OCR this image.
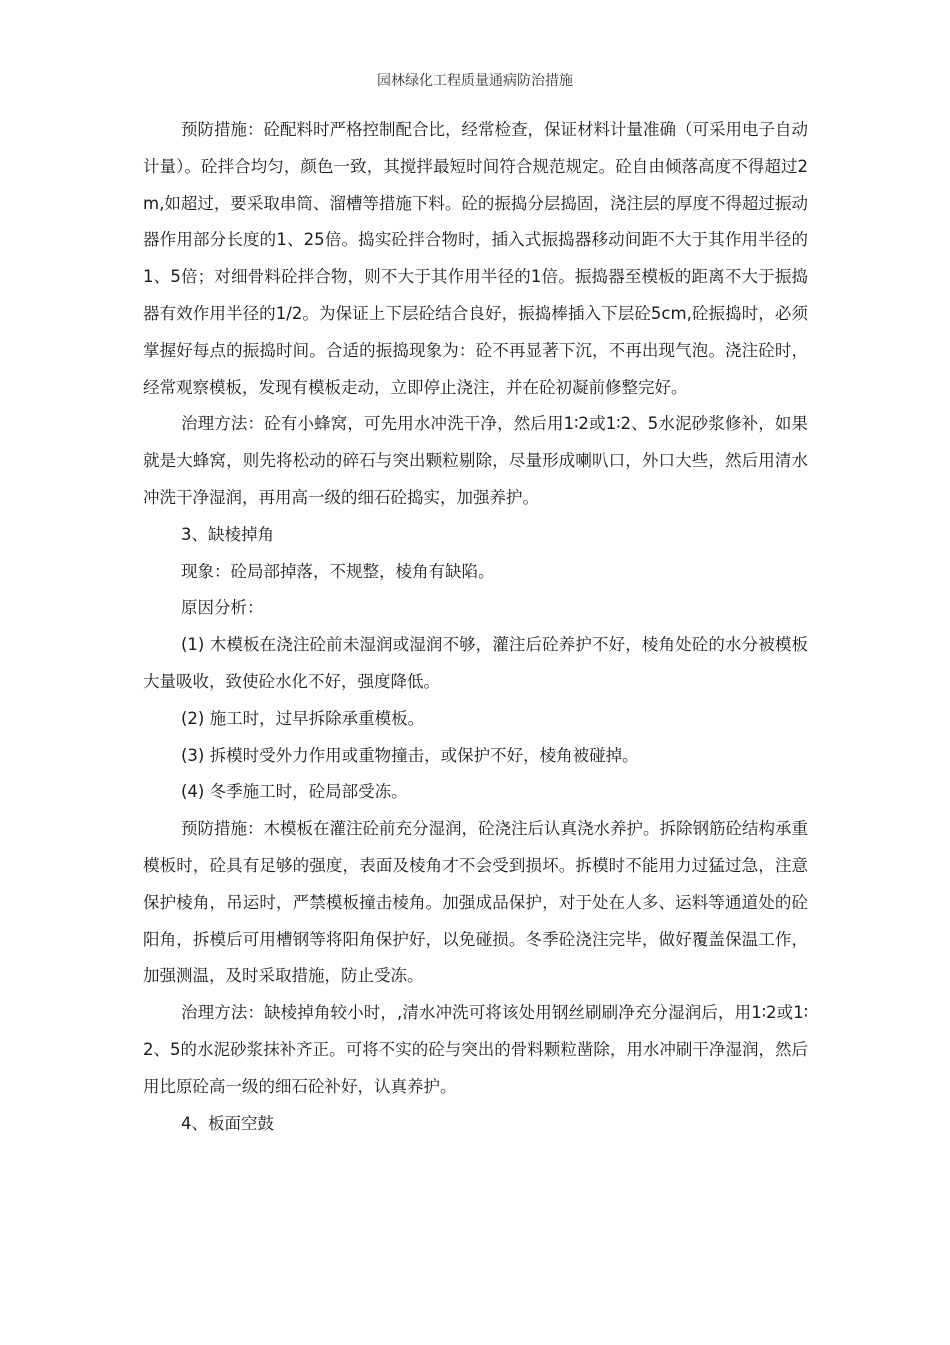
园林绿化工程质量通病防治措施

预防措施：砼配料时严格控制配合比，经常检查，保证材料计量准确（可采用电子自动计量）。砼拌合均匀，颜色一致，其搅拌最短时间符合规范规定。砼自由倾落高度不得超过2m,如超过，要采取串筒、溜槽等措施下料。砼的振捣分层捣固，浇注层的厚度不得超过振动器作用部分长度的1、25倍。捣实砼拌合物时，插入式振捣器移动间距不大于其作用半径的1、5倍；对细骨料砼拌合物，则不大于其作用半径的1倍。振捣器至模板的距离不大于振捣器有效作用半径的1/2。为保证上下层砼结合良好，振捣棒插入下层砼5cm,砼振捣时，必须掌握好每点的振捣时间。合适的振捣现象为：砼不再显著下沉，不再出现气泡。浇注砼时，经常观察模板，发现有模板走动，立即停止浇注，并在砼初凝前修整完好。

治理方法：砼有小蜂窝，可先用水冲洗干净，然后用1∶2或1∶2、5水泥砂浆修补，如果就是大蜂窝，则先将松动的碎石与突出颗粒剔除，尽量形成喇叭口，外口大些，然后用清水冲洗干净湿润，再用高一级的细石砼捣实，加强养护。

3、缺棱掉角

现象：砼局部掉落，不规整，棱角有缺陷。

原因分析：

(1) 木模板在浇注砼前未湿润或湿润不够，灌注后砼养护不好，棱角处砼的水分被模板大量吸收，致使砼水化不好，强度降低。

(2) 施工时，过早拆除承重模板。

(3) 拆模时受外力作用或重物撞击，或保护不好，棱角被碰掉。

(4) 冬季施工时，砼局部受冻。

预防措施：木模板在灌注砼前充分湿润，砼浇注后认真浇水养护。拆除钢筋砼结构承重模板时，砼具有足够的强度，表面及棱角才不会受到损坏。拆模时不能用力过猛过急，注意保护棱角，吊运时，严禁模板撞击棱角。加强成品保护，对于处在人多、运料等通道处的砼阳角，拆模后可用槽钢等将阳角保护好，以免碰损。冬季砼浇注完毕，做好覆盖保温工作，加强测温，及时采取措施，防止受冻。

治理方法：缺棱掉角较小时，,清水冲洗可将该处用钢丝刷刷净充分湿润后，用1∶2或1∶2、5的水泥砂浆抹补齐正。可将不实的砼与突出的骨料颗粒凿除，用水冲刷干净湿润，然后用比原砼高一级的细石砼补好，认真养护。

4、板面空鼓
